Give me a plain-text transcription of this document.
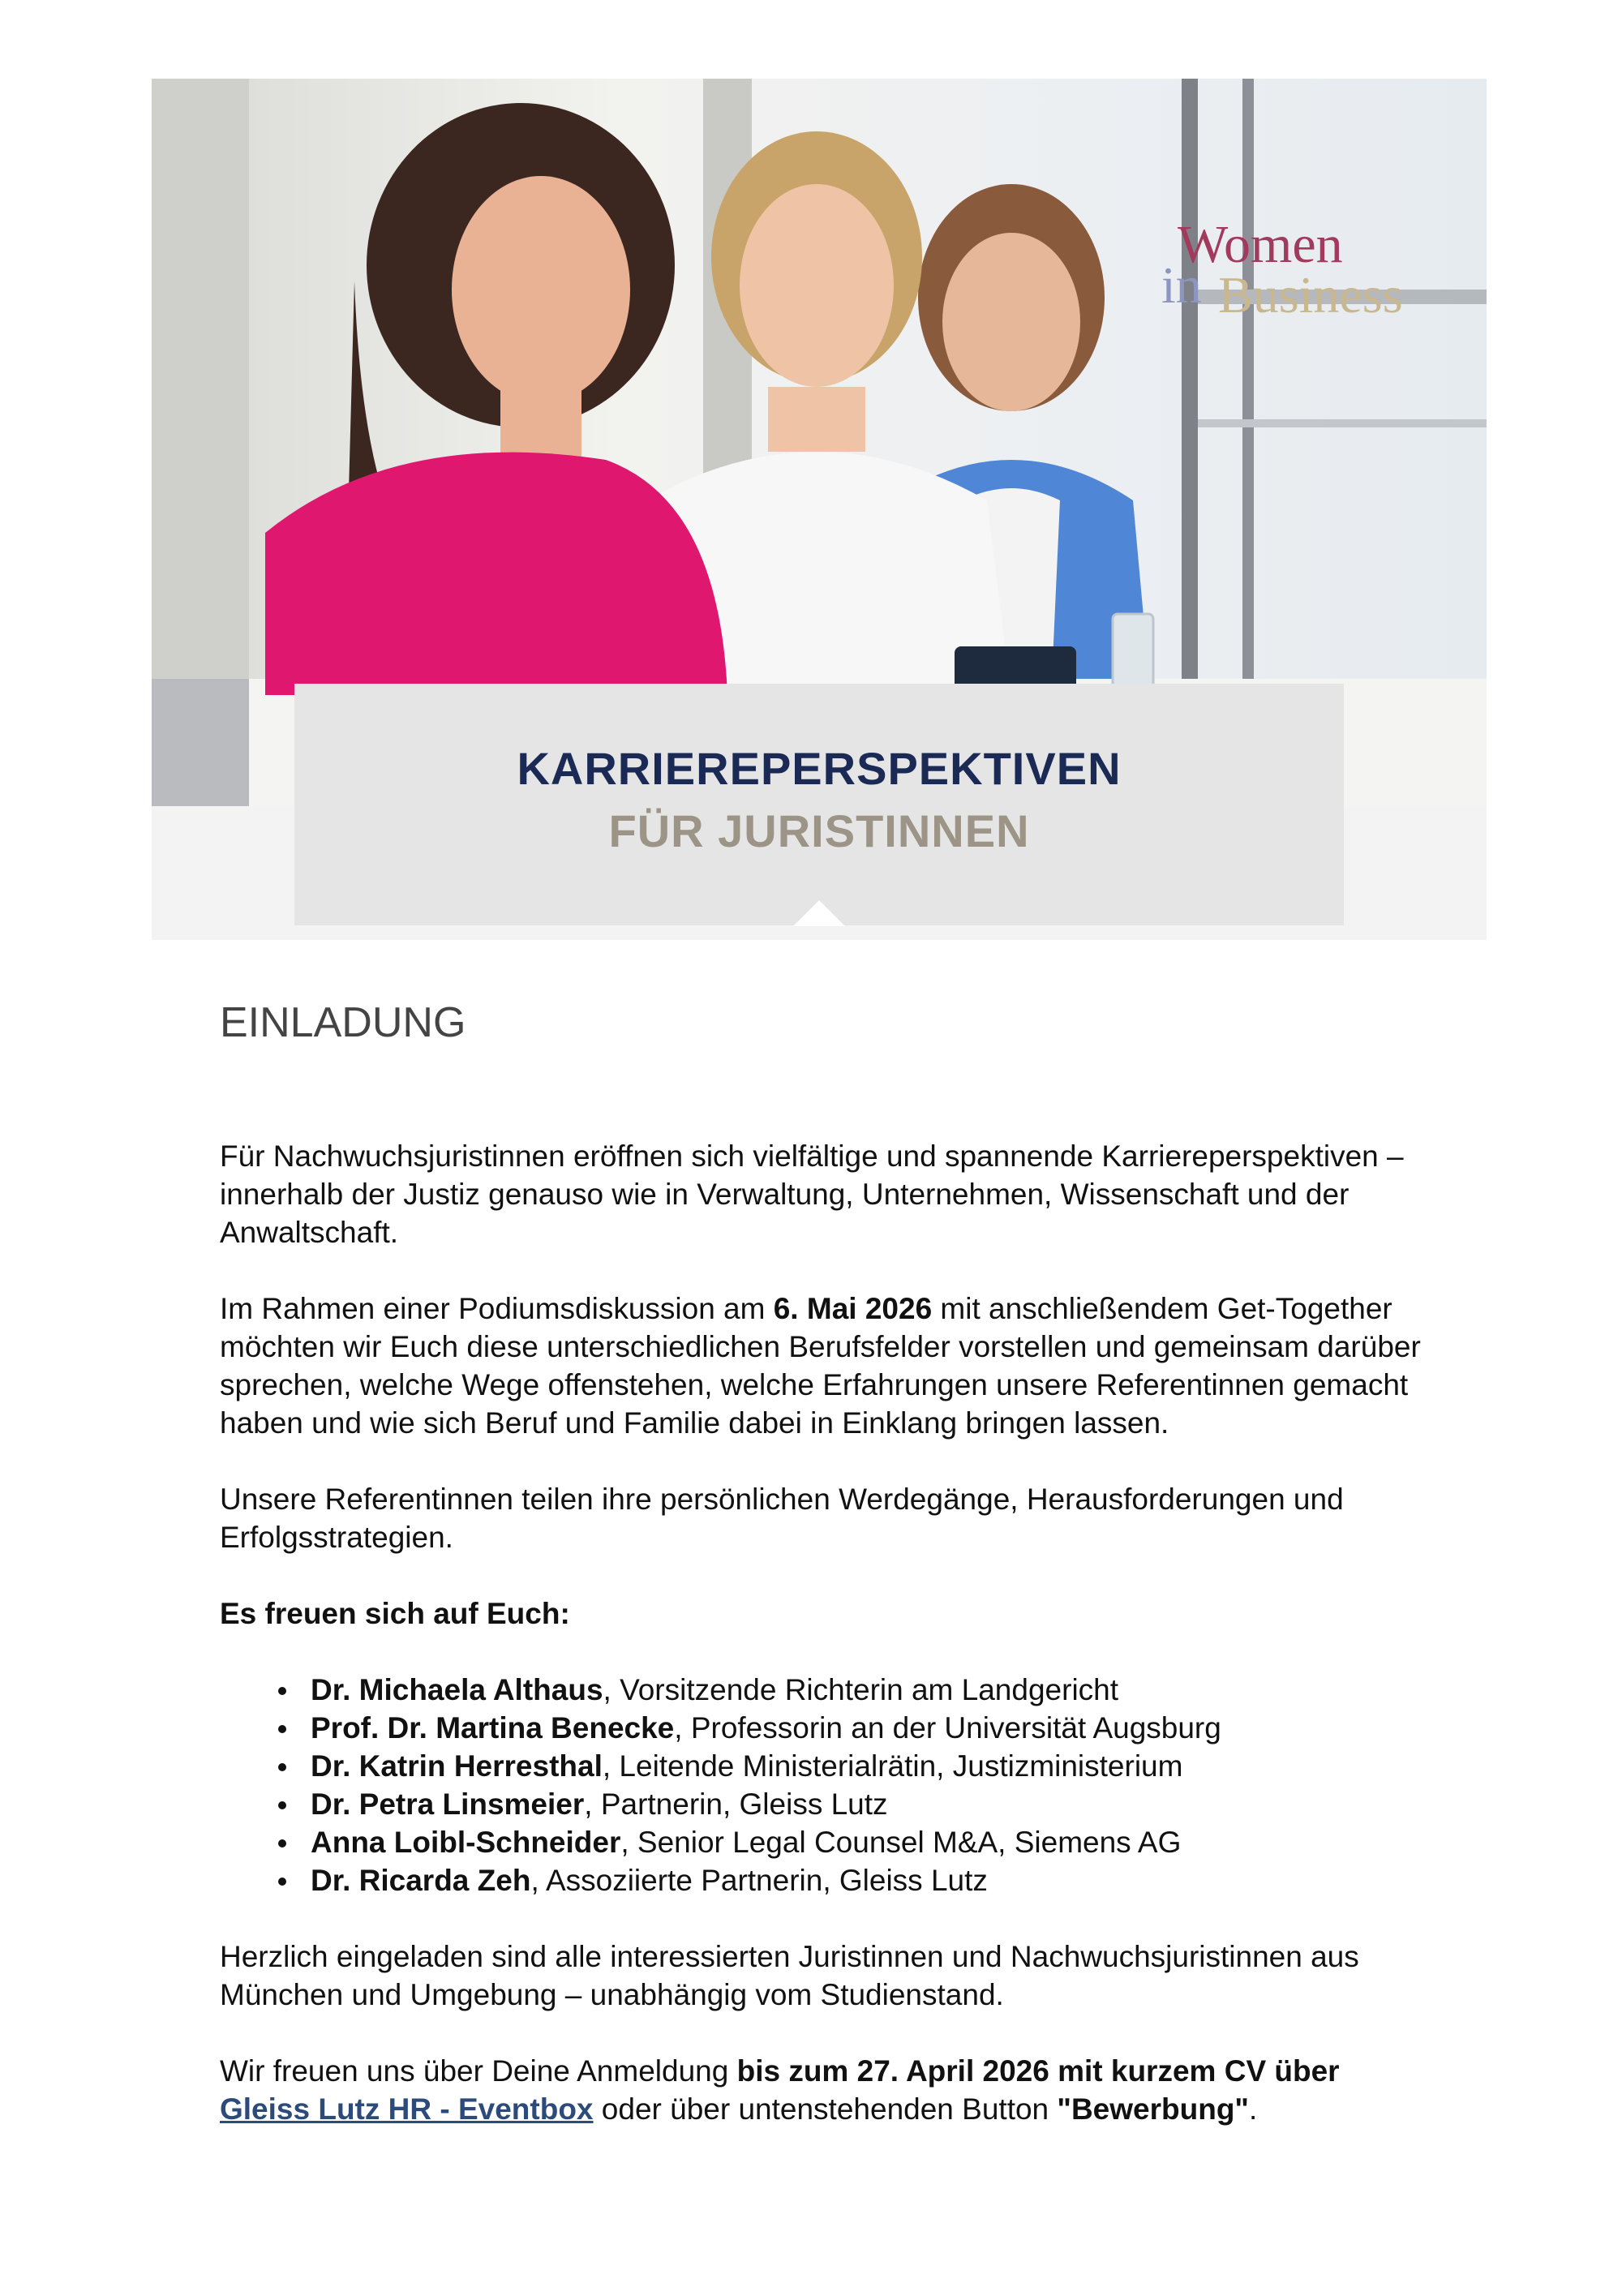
Women
in Business
KARRIEREPERSPEKTIVEN
FÜR JURISTINNEN
EINLADUNG

Für Nachwuchsjuristinnen eröffnen sich vielfältige und spannende Karriereperspektiven – innerhalb der Justiz genauso wie in Verwaltung, Unternehmen, Wissenschaft und der Anwaltschaft.

Im Rahmen einer Podiumsdiskussion am 6. Mai 2026 mit anschließendem Get-Together möchten wir Euch diese unterschiedlichen Berufsfelder vorstellen und gemeinsam darüber sprechen, welche Wege offenstehen, welche Erfahrungen unsere Referentinnen gemacht haben und wie sich Beruf und Familie dabei in Einklang bringen lassen.

Unsere Referentinnen teilen ihre persönlichen Werdegänge, Herausforderungen und Erfolgsstrategien.

Es freuen sich auf Euch:

Dr. Michaela Althaus, Vorsitzende Richterin am Landgericht
Prof. Dr. Martina Benecke, Professorin an der Universität Augsburg
Dr. Katrin Herresthal, Leitende Ministerialrätin, Justizministerium
Dr. Petra Linsmeier, Partnerin, Gleiss Lutz
Anna Loibl-Schneider, Senior Legal Counsel M&A, Siemens AG
Dr. Ricarda Zeh, Assoziierte Partnerin, Gleiss Lutz

Herzlich eingeladen sind alle interessierten Juristinnen und Nachwuchsjuristinnen aus München und Umgebung – unabhängig vom Studienstand.

Wir freuen uns über Deine Anmeldung bis zum 27. April 2026 mit kurzem CV über
Gleiss Lutz HR - Eventbox oder über untenstehenden Button "Bewerbung".
